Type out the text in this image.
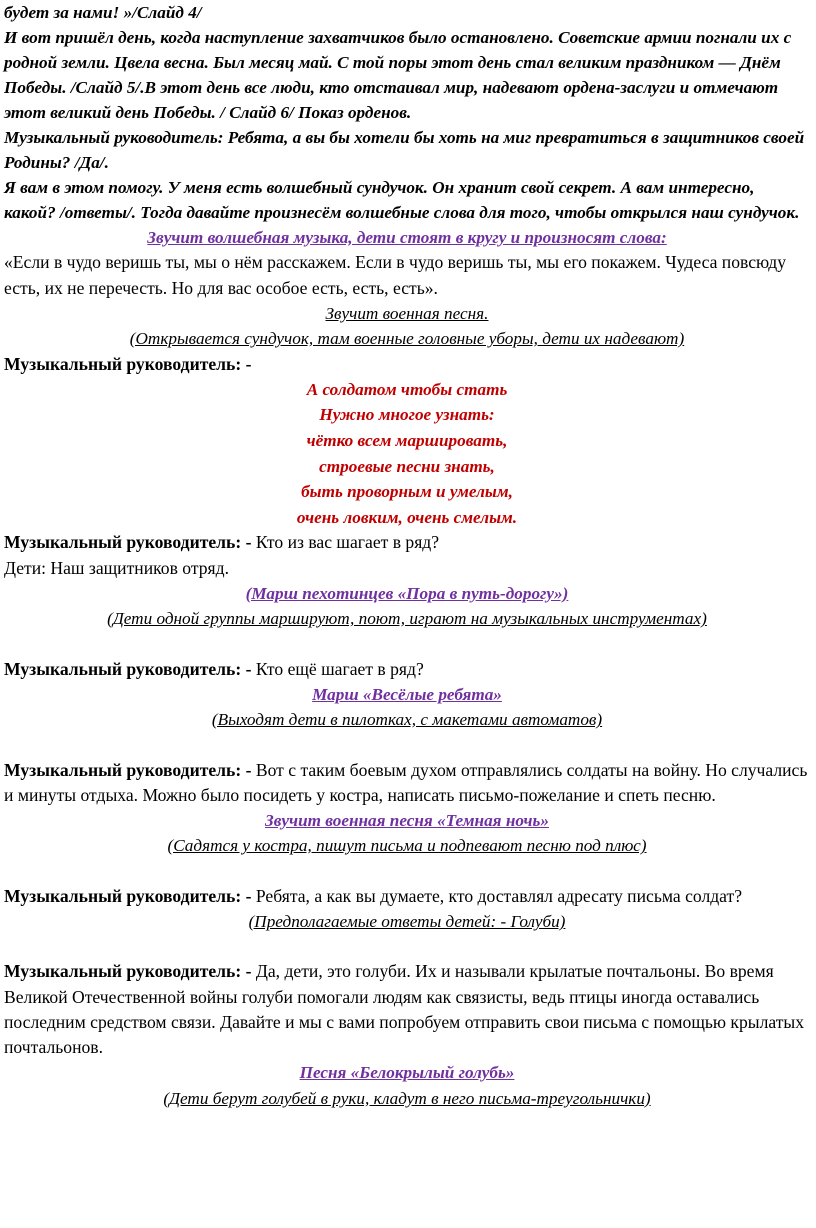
будет за нами! »/Слайд 4/

И вот пришёл день, когда наступление захватчиков было остановлено. Советские армии погнали их с родной земли. Цвела весна. Был месяц май. С той поры этот день стал великим праздником — Днём Победы. /Слайд 5/.В этот день все люди, кто отстаивал мир, надевают ордена-заслуги и отмечают этот великий день Победы. / Слайд 6/ Показ орденов.

Музыкальный руководитель: Ребята, а вы бы хотели бы хоть на миг превратиться в защитников своей Родины? /Да/.

Я вам в этом помогу. У меня есть волшебный сундучок. Он хранит свой секрет. А вам интересно, какой? /ответы/. Тогда давайте произнесём волшебные слова для того, чтобы открылся наш сундучок.

Звучит волшебная музыка, дети стоят в кругу и произносят слова:

«Если в чудо веришь ты, мы о нём расскажем. Если в чудо веришь ты, мы его покажем. Чудеса повсюду есть, их не перечесть. Но для вас особое есть, есть, есть».

Звучит военная песня.

(Открывается сундучок, там военные головные уборы, дети их надевают)

Музыкальный руководитель: -

А солдатом чтобы стать

Нужно многое узнать:

чётко всем маршировать,

строевые песни знать,

быть проворным и умелым,

очень ловким, очень смелым.

Музыкальный руководитель: - Кто из вас шагает в ряд?

Дети: Наш защитников отряд.

(Марш пехотинцев «Пора в путь-дорогу»)

(Дети одной группы маршируют, поют, играют на музыкальных инструментах)

Музыкальный руководитель: - Кто ещё шагает в ряд?

Марш «Весёлые ребята»

(Выходят дети в пилотках, с макетами автоматов)

Музыкальный руководитель: - Вот с таким боевым духом отправлялись солдаты на войну. Но случались и минуты отдыха. Можно было посидеть у костра, написать письмо-пожелание и спеть песню.

Звучит военная песня «Темная ночь»

(Садятся у костра, пишут письма и подпевают песню под плюс)

Музыкальный руководитель: - Ребята, а как вы думаете, кто доставлял адресату письма солдат?

(Предполагаемые ответы детей: - Голуби)

Музыкальный руководитель: - Да, дети, это голуби. Их и называли крылатые почтальоны. Во время Великой Отечественной войны голуби помогали людям как связисты, ведь птицы иногда оставались последним средством связи. Давайте и мы с вами попробуем отправить свои письма с помощью крылатых почтальонов.

Песня «Белокрылый голубь»

(Дети берут голубей в руки, кладут в него письма-треугольнички)
